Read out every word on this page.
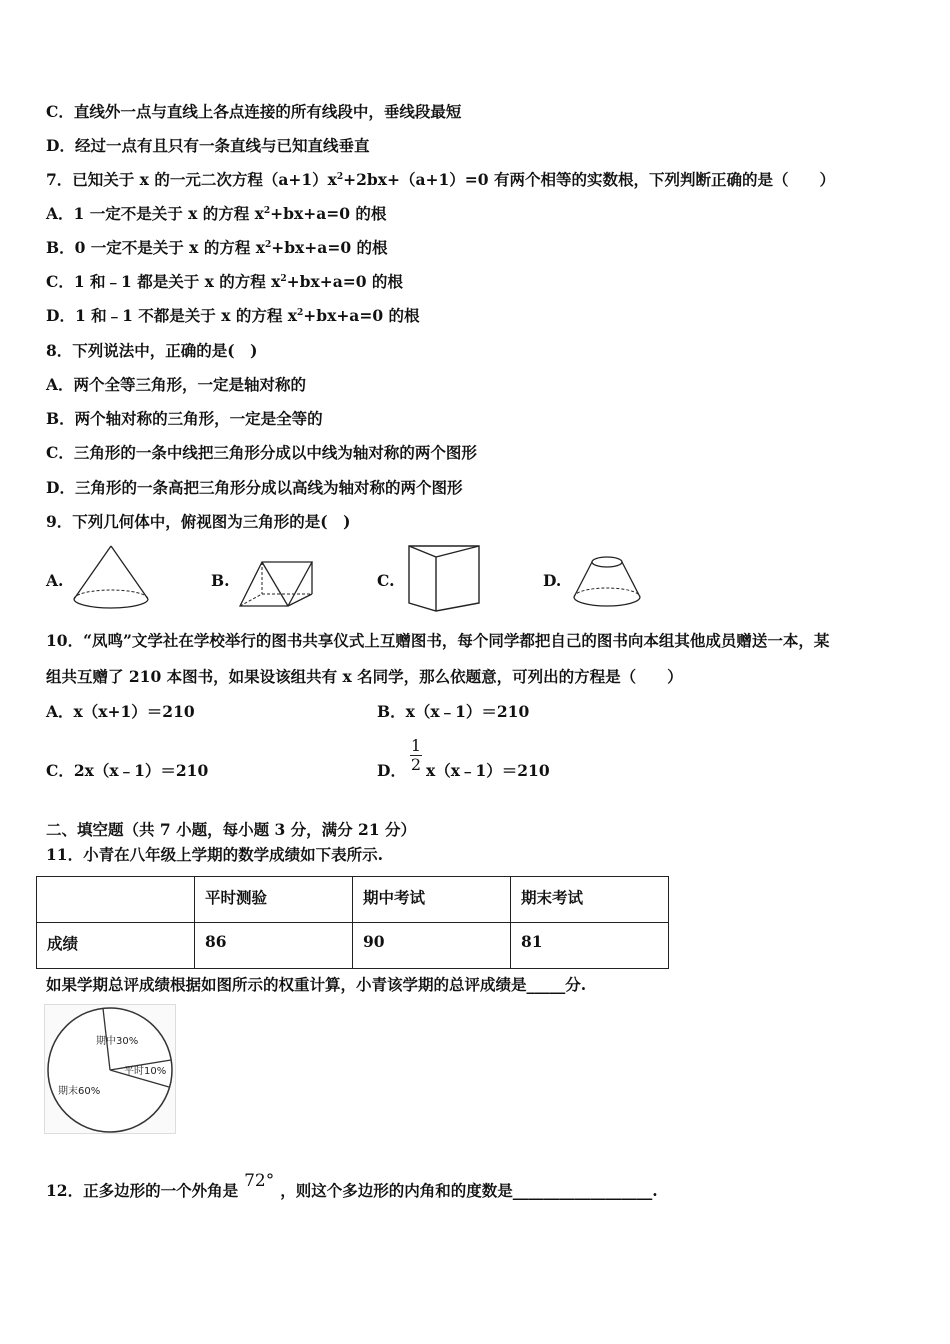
C．直线外一点与直线上各点连接的所有线段中，垂线段最短
D．经过一点有且只有一条直线与已知直线垂直
7．已知关于 x 的一元二次方程$(a+1)x^2+2bx+(a+1)=0$ 有两个相等的实数根，下列判断正确的是（　　）
A．1 一定不是关于 x 的方程 $x^2+bx+a=0$ 的根
B．0 一定不是关于 x 的方程 $x^2+bx+a=0$ 的根
C．1 和﹣1 都是关于 x 的方程 $x^2+bx+a=0$ 的根
D．1 和﹣1 不都是关于 x 的方程 $x^2+bx+a=0$ 的根
8．下列说法中，正确的是(　)
A．两个全等三角形，一定是轴对称的
B．两个轴对称的三角形，一定是全等的
C．三角形的一条中线把三角形分成以中线为轴对称的两个图形
D．三角形的一条高把三角形分成以高线为轴对称的两个图形
9．下列几何体中，俯视图为三角形的是(　)
A.	B.	C.	D.
10．“凤鸣”文学社在学校举行的图书共享仪式上互赠图书，每个同学都把自己的图书向本组其他成员赠送一本，某
组共互赠了 210 本图书，如果设该组共有 x 名同学，那么依题意，可列出的方程是（　　）
A．x（x+1）＝210	B．x（x﹣1）＝210
C．2x（x﹣1）＝210	D． $\frac{1}{2}$ x（x﹣1）＝210
二、填空题（共 7 小题，每小题 3 分，满分 21 分）
11．小青在八年级上学期的数学成绩如下表所示.
	平时测验	期中考试	期末考试
成绩	86	90	81
如果学期总评成绩根据如图所示的权重计算，小青该学期的总评成绩是_____分.
期中30%
平时10%
期末60%
12．正多边形的一个外角是 72° ，则这个多边形的内角和的度数是__________________.
